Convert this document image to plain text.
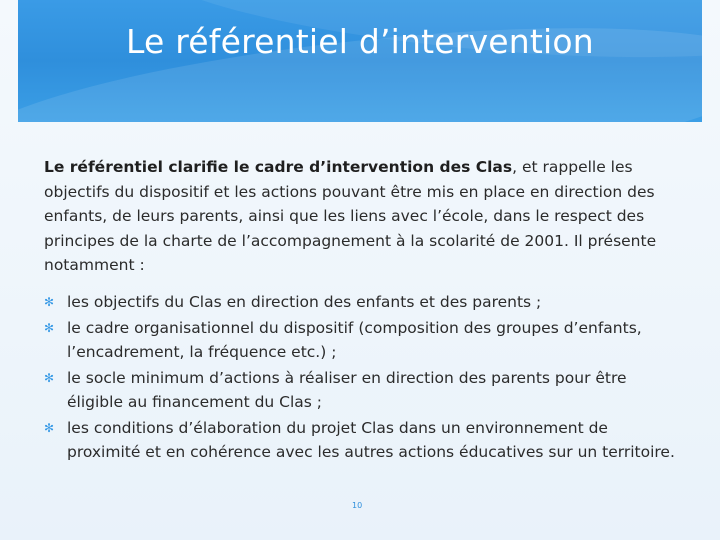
Le référentiel d’intervention
Le référentiel clarifie le cadre d’intervention des Clas, et rappelle les objectifs du dispositif et les actions pouvant être mis en place en direction des enfants, de leurs parents, ainsi que les liens avec l’école, dans le respect des principes de la charte de l’accompagnement à la scolarité de 2001. Il présente notamment :
✻ les objectifs du Clas en direction des enfants et des parents ;
✻ le cadre organisationnel du dispositif (composition des groupes d’enfants, l’encadrement, la fréquence etc.) ;
✻ le socle minimum d’actions à réaliser en direction des parents pour être éligible au financement du Clas ;
✻ les conditions d’élaboration du projet Clas dans un environnement de proximité et en cohérence avec les autres actions éducatives sur un territoire.
10
